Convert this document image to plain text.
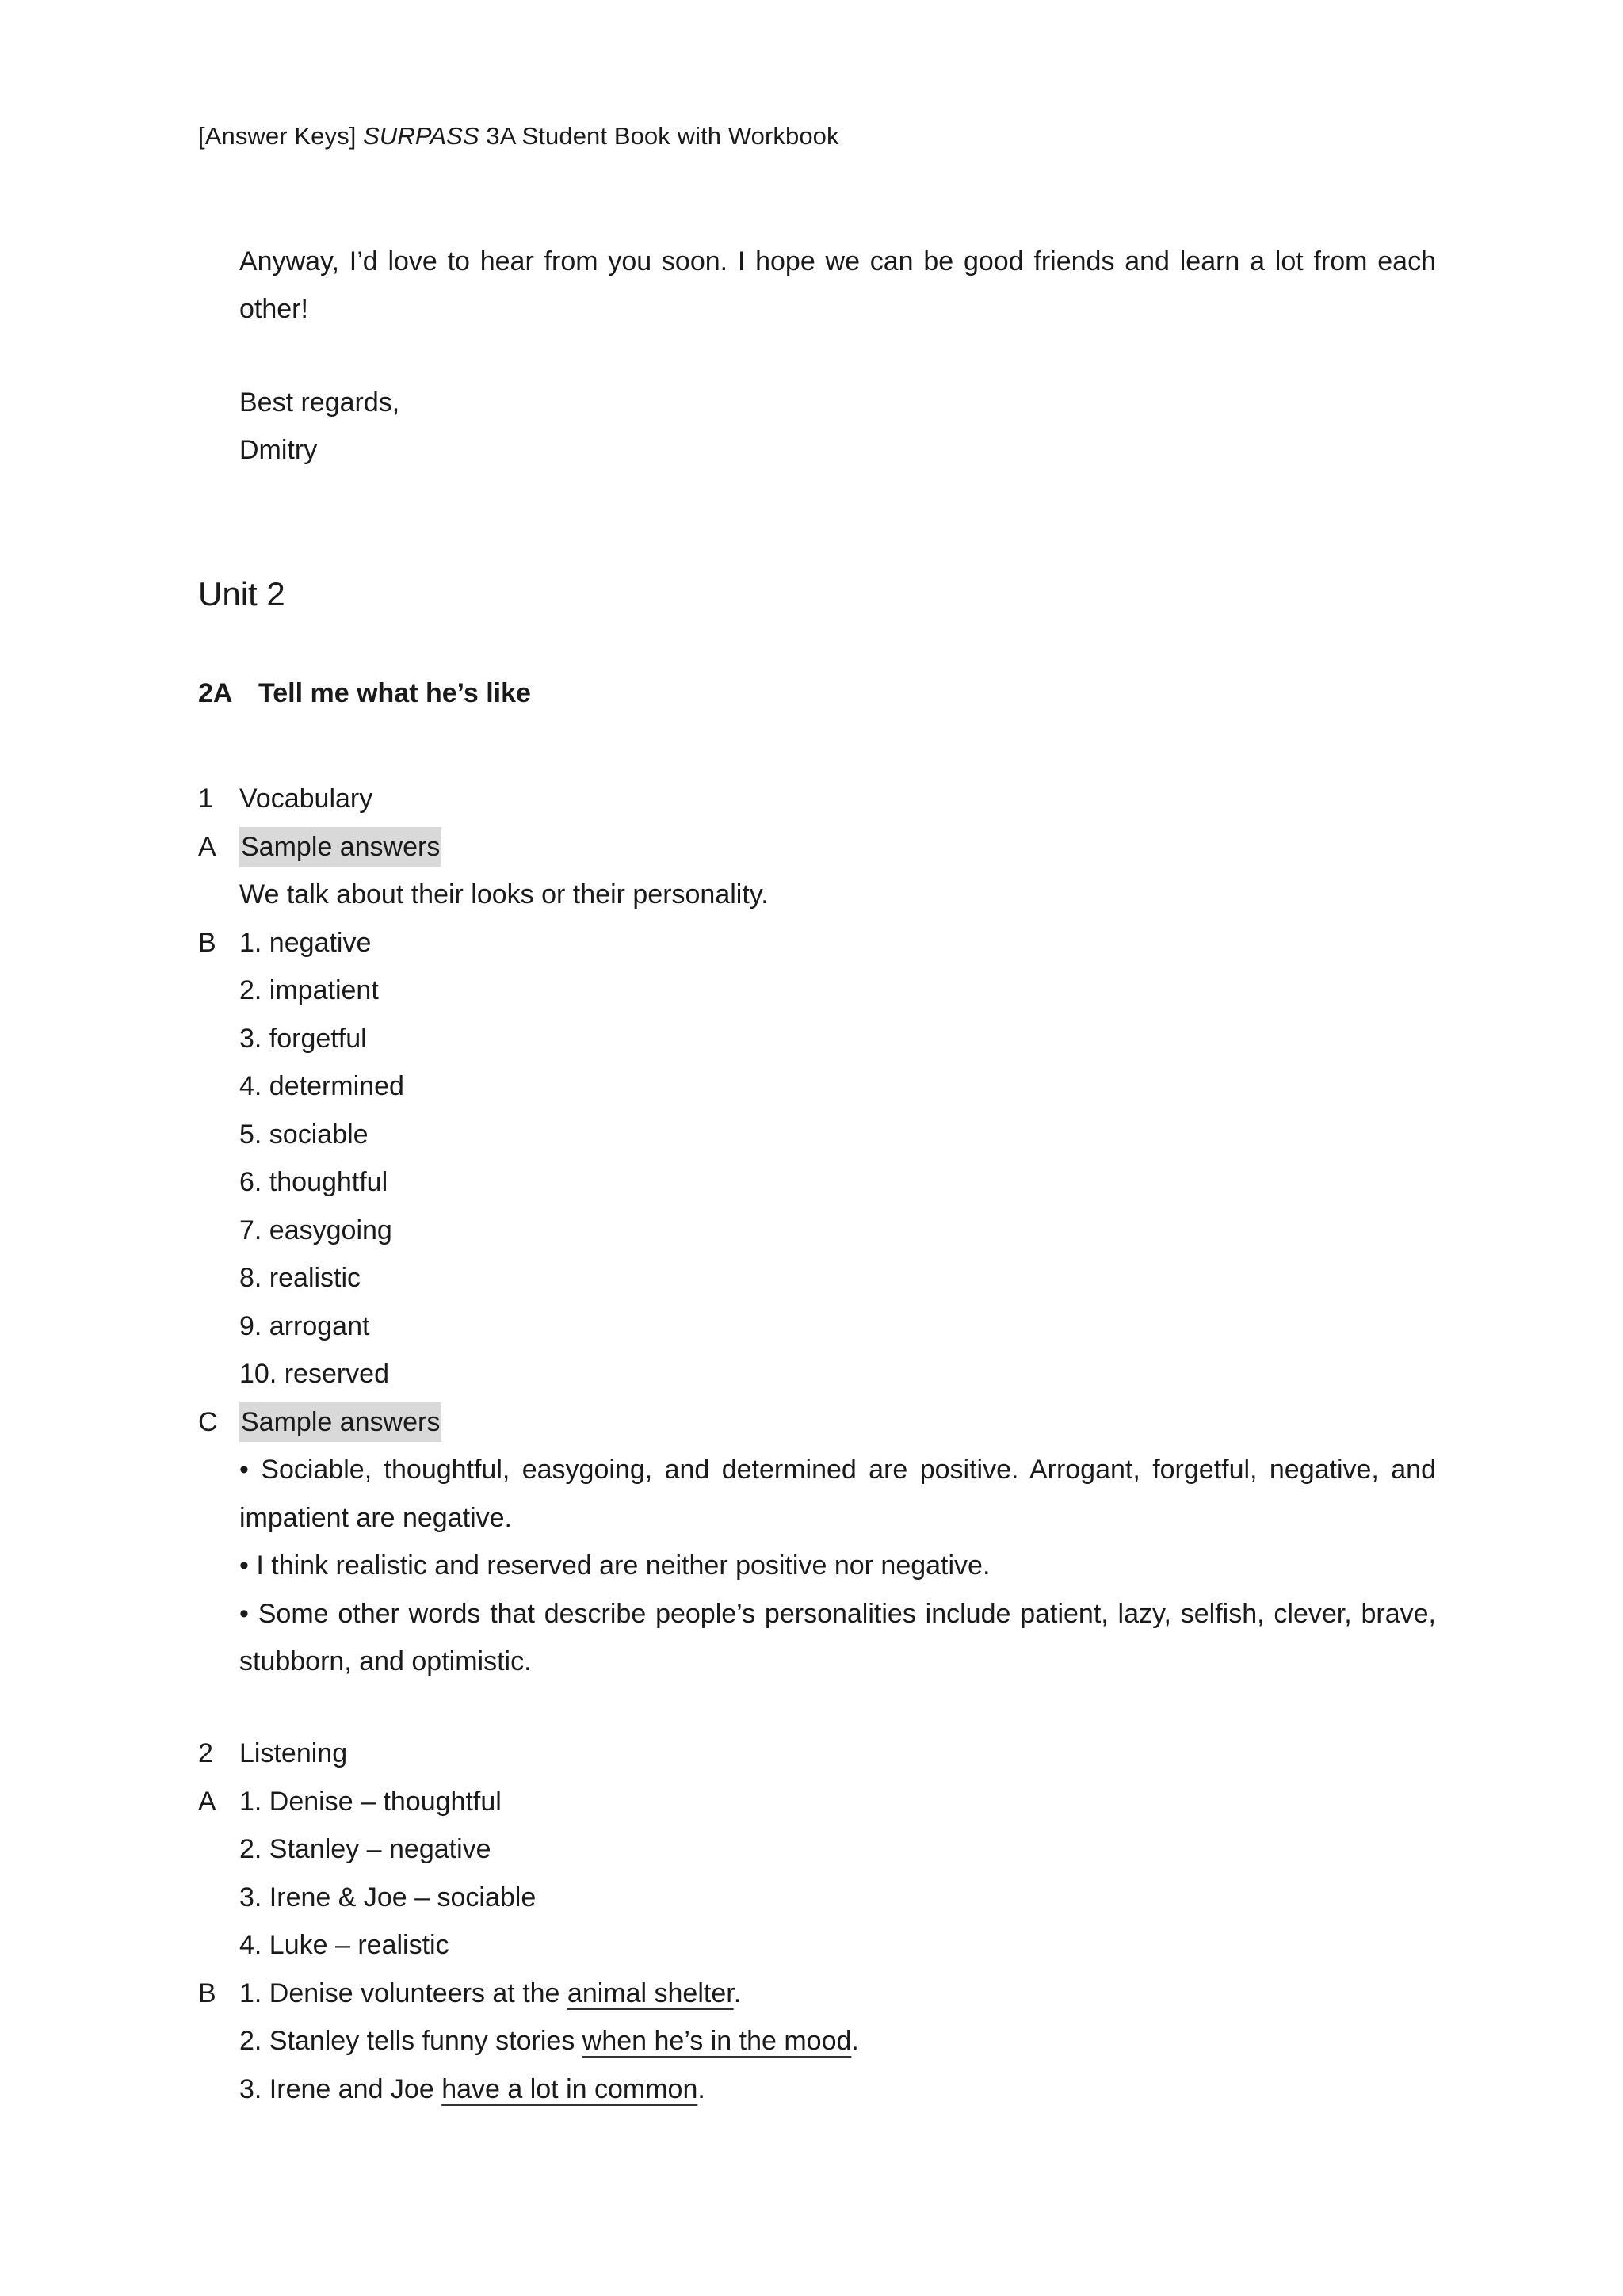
[Answer Keys] SURPASS 3A Student Book with Workbook

Anyway, I’d love to hear from you soon. I hope we can be good friends and learn a lot from each other!

Best regards,

Dmitry

Unit 2
2A Tell me what he’s like
1 Vocabulary
A Sample answers
We talk about their looks or their personality.
B 1. negative
2. impatient
3. forgetful
4. determined
5. sociable
6. thoughtful
7. easygoing
8. realistic
9. arrogant
10. reserved
C Sample answers
• Sociable, thoughtful, easygoing, and determined are positive. Arrogant, forgetful, negative, and impatient are negative.
• I think realistic and reserved are neither positive nor negative.
• Some other words that describe people’s personalities include patient, lazy, selfish, clever, brave, stubborn, and optimistic.
2 Listening
A 1. Denise – thoughtful
2. Stanley – negative
3. Irene & Joe – sociable
4. Luke – realistic
B 1. Denise volunteers at the animal shelter.
2. Stanley tells funny stories when he’s in the mood.
3. Irene and Joe have a lot in common.
